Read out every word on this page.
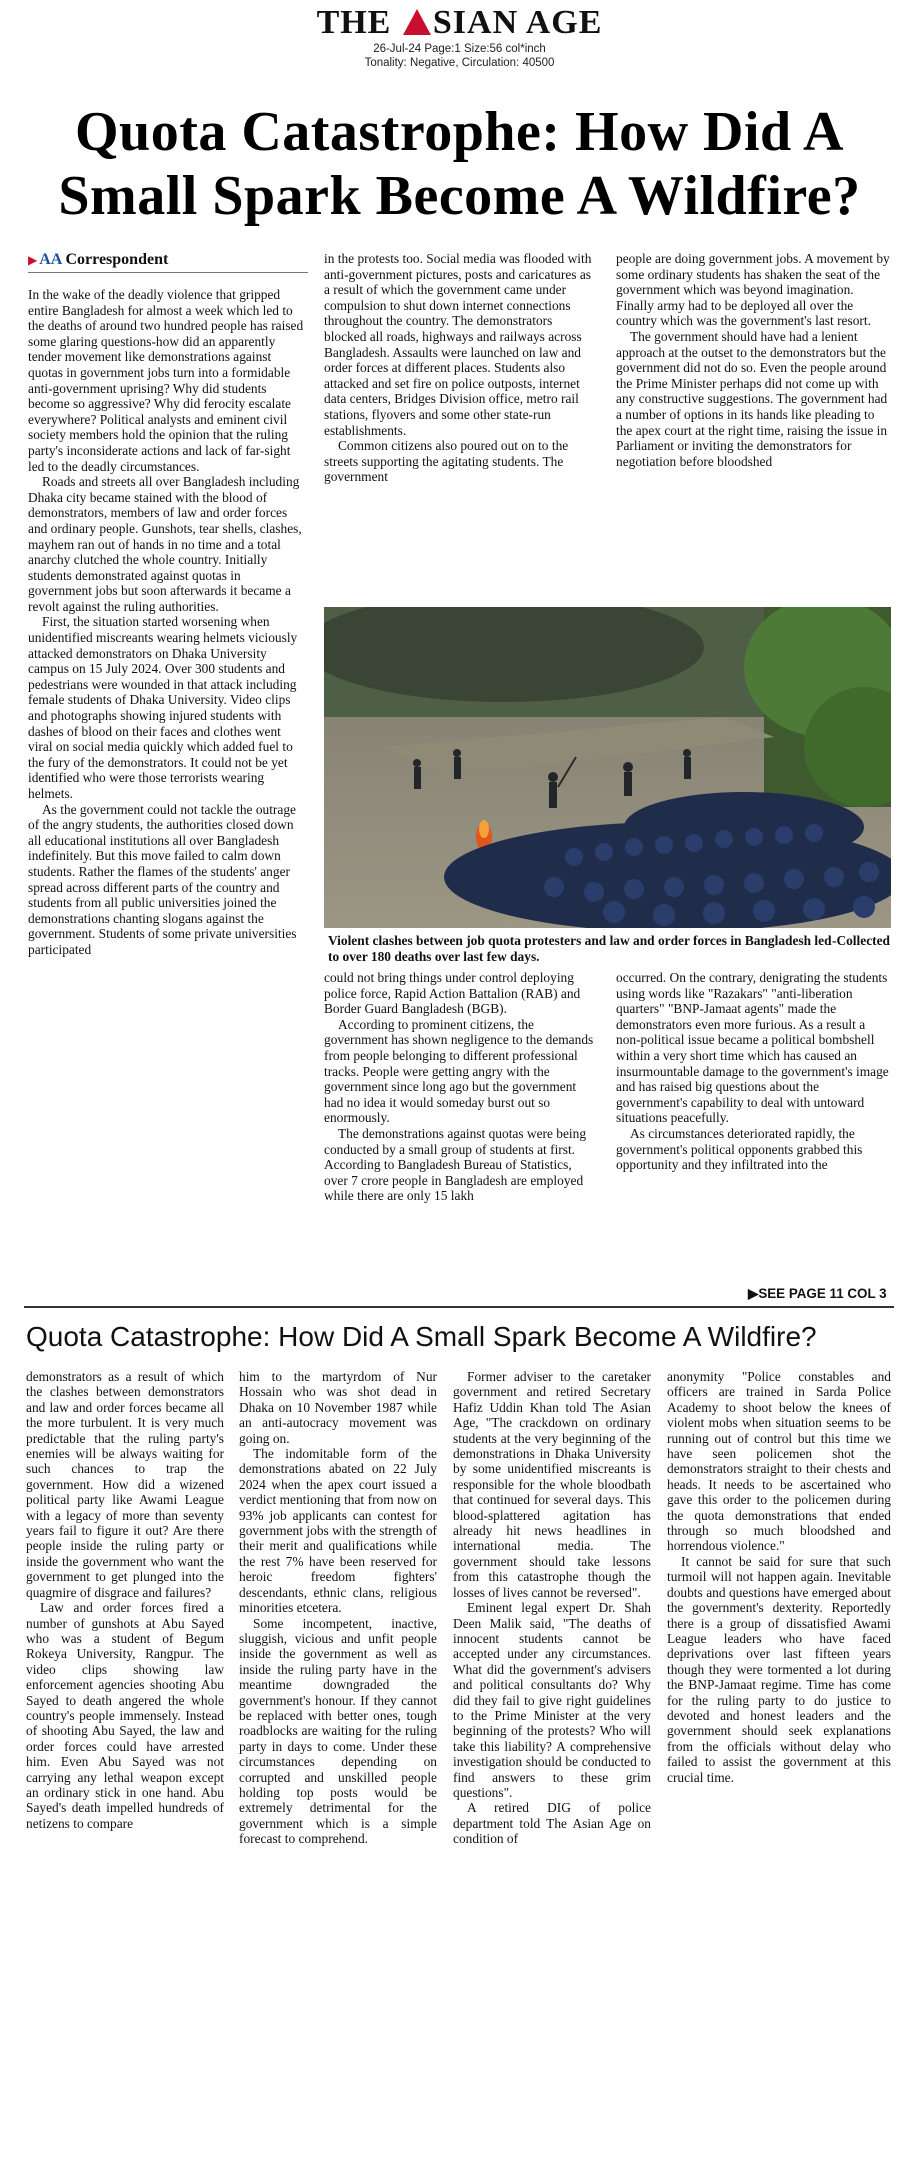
THE SIAN AGE
26-Jul-24 Page:1 Size:56 col*inch
Tonality: Negative, Circulation: 40500
Quota Catastrophe: How Did A Small Spark Become A Wildfire?
▶ AA Correspondent

In the wake of the deadly violence that gripped entire Bangladesh for almost a week which led to the deaths of around two hundred people has raised some glaring questions-how did an apparently tender movement like demonstrations against quotas in government jobs turn into a formidable anti-government uprising? Why did students become so aggressive? Why did ferocity escalate everywhere? Political analysts and eminent civil society members hold the opinion that the ruling party's inconsiderate actions and lack of far-sight led to the deadly circumstances.

Roads and streets all over Bangladesh including Dhaka city became stained with the blood of demonstrators, members of law and order forces and ordinary people. Gunshots, tear shells, clashes, mayhem ran out of hands in no time and a total anarchy clutched the whole country. Initially students demonstrated against quotas in government jobs but soon afterwards it became a revolt against the ruling authorities.

First, the situation started worsening when unidentified miscreants wearing helmets viciously attacked demonstrators on Dhaka University campus on 15 July 2024. Over 300 students and pedestrians were wounded in that attack including female students of Dhaka University. Video clips and photographs showing injured students with dashes of blood on their faces and clothes went viral on social media quickly which added fuel to the fury of the demonstrators. It could not be yet identified who were those terrorists wearing helmets.

As the government could not tackle the outrage of the angry students, the authorities closed down all educational institutions all over Bangladesh indefinitely. But this move failed to calm down students. Rather the flames of the students' anger spread across different parts of the country and students from all public universities joined the demonstrations chanting slogans against the government. Students of some private universities participated

in the protests too. Social media was flooded with anti-government pictures, posts and caricatures as a result of which the government came under compulsion to shut down internet connections throughout the country. The demonstrators blocked all roads, highways and railways across Bangladesh. Assaults were launched on law and order forces at different places. Students also attacked and set fire on police outposts, internet data centers, Bridges Division office, metro rail stations, flyovers and some other state-run establishments.

Common citizens also poured out on to the streets supporting the agitating students. The government

people are doing government jobs. A movement by some ordinary students has shaken the seat of the government which was beyond imagination. Finally army had to be deployed all over the country which was the government's last resort.

The government should have had a lenient approach at the outset to the demonstrators but the government did not do so. Even the people around the Prime Minister perhaps did not come up with any constructive suggestions. The government had a number of options in its hands like pleading to the apex court at the right time, raising the issue in Parliament or inviting the demonstrators for negotiation before bloodshed

-Collected
Violent clashes between job quota protesters and law and order forces in Bangladesh led to over 180 deaths over last few days.

could not bring things under control deploying police force, Rapid Action Battalion (RAB) and Border Guard Bangladesh (BGB).

According to prominent citizens, the government has shown negligence to the demands from people belonging to different professional tracks. People were getting angry with the government since long ago but the government had no idea it would someday burst out so enormously.

The demonstrations against quotas were being conducted by a small group of students at first. According to Bangladesh Bureau of Statistics, over 7 crore people in Bangladesh are employed while there are only 15 lakh

occurred. On the contrary, denigrating the students using words like "Razakars" "anti-liberation quarters" "BNP-Jamaat agents" made the demonstrators even more furious. As a result a non-political issue became a political bombshell within a very short time which has caused an insurmountable damage to the government's image and has raised big questions about the government's capability to deal with untoward situations peacefully.

As circumstances deteriorated rapidly, the government's political opponents grabbed this opportunity and they infiltrated into the

▶SEE PAGE 11 COL 3
Quota Catastrophe: How Did A Small Spark Become A Wildfire?

demonstrators as a result of which the clashes between demonstrators and law and order forces became all the more turbulent. It is very much predictable that the ruling party's enemies will be always waiting for such chances to trap the government. How did a wizened political party like Awami League with a legacy of more than seventy years fail to figure it out? Are there people inside the ruling party or inside the government who want the government to get plunged into the quagmire of disgrace and failures?

Law and order forces fired a number of gunshots at Abu Sayed who was a student of Begum Rokeya University, Rangpur. The video clips showing law enforcement agencies shooting Abu Sayed to death angered the whole country's people immensely. Instead of shooting Abu Sayed, the law and order forces could have arrested him. Even Abu Sayed was not carrying any lethal weapon except an ordinary stick in one hand. Abu Sayed's death impelled hundreds of netizens to compare

him to the martyrdom of Nur Hossain who was shot dead in Dhaka on 10 November 1987 while an anti-autocracy movement was going on.

The indomitable form of the demonstrations abated on 22 July 2024 when the apex court issued a verdict mentioning that from now on 93% job applicants can contest for government jobs with the strength of their merit and qualifications while the rest 7% have been reserved for heroic freedom fighters' descendants, ethnic clans, religious minorities etcetera.

Some incompetent, inactive, sluggish, vicious and unfit people inside the government as well as inside the ruling party have in the meantime downgraded the government's honour. If they cannot be replaced with better ones, tough roadblocks are waiting for the ruling party in days to come. Under these circumstances depending on corrupted and unskilled people holding top posts would be extremely detrimental for the government which is a simple forecast to comprehend.

Former adviser to the caretaker government and retired Secretary Hafiz Uddin Khan told The Asian Age, "The crackdown on ordinary students at the very beginning of the demonstrations in Dhaka University by some unidentified miscreants is responsible for the whole bloodbath that continued for several days. This blood-splattered agitation has already hit news headlines in international media. The government should take lessons from this catastrophe though the losses of lives cannot be reversed".

Eminent legal expert Dr. Shah Deen Malik said, "The deaths of innocent students cannot be accepted under any circumstances. What did the government's advisers and political consultants do? Why did they fail to give right guidelines to the Prime Minister at the very beginning of the protests? Who will take this liability? A comprehensive investigation should be conducted to find answers to these grim questions".

A retired DIG of police department told The Asian Age on condition of

anonymity "Police constables and officers are trained in Sarda Police Academy to shoot below the knees of violent mobs when situation seems to be running out of control but this time we have seen policemen shot the demonstrators straight to their chests and heads. It needs to be ascertained who gave this order to the policemen during the quota demonstrations that ended through so much bloodshed and horrendous violence."

It cannot be said for sure that such turmoil will not happen again. Inevitable doubts and questions have emerged about the government's dexterity. Reportedly there is a group of dissatisfied Awami League leaders who have faced deprivations over last fifteen years though they were tormented a lot during the BNP-Jamaat regime. Time has come for the ruling party to do justice to devoted and honest leaders and the government should seek explanations from the officials without delay who failed to assist the government at this crucial time.
